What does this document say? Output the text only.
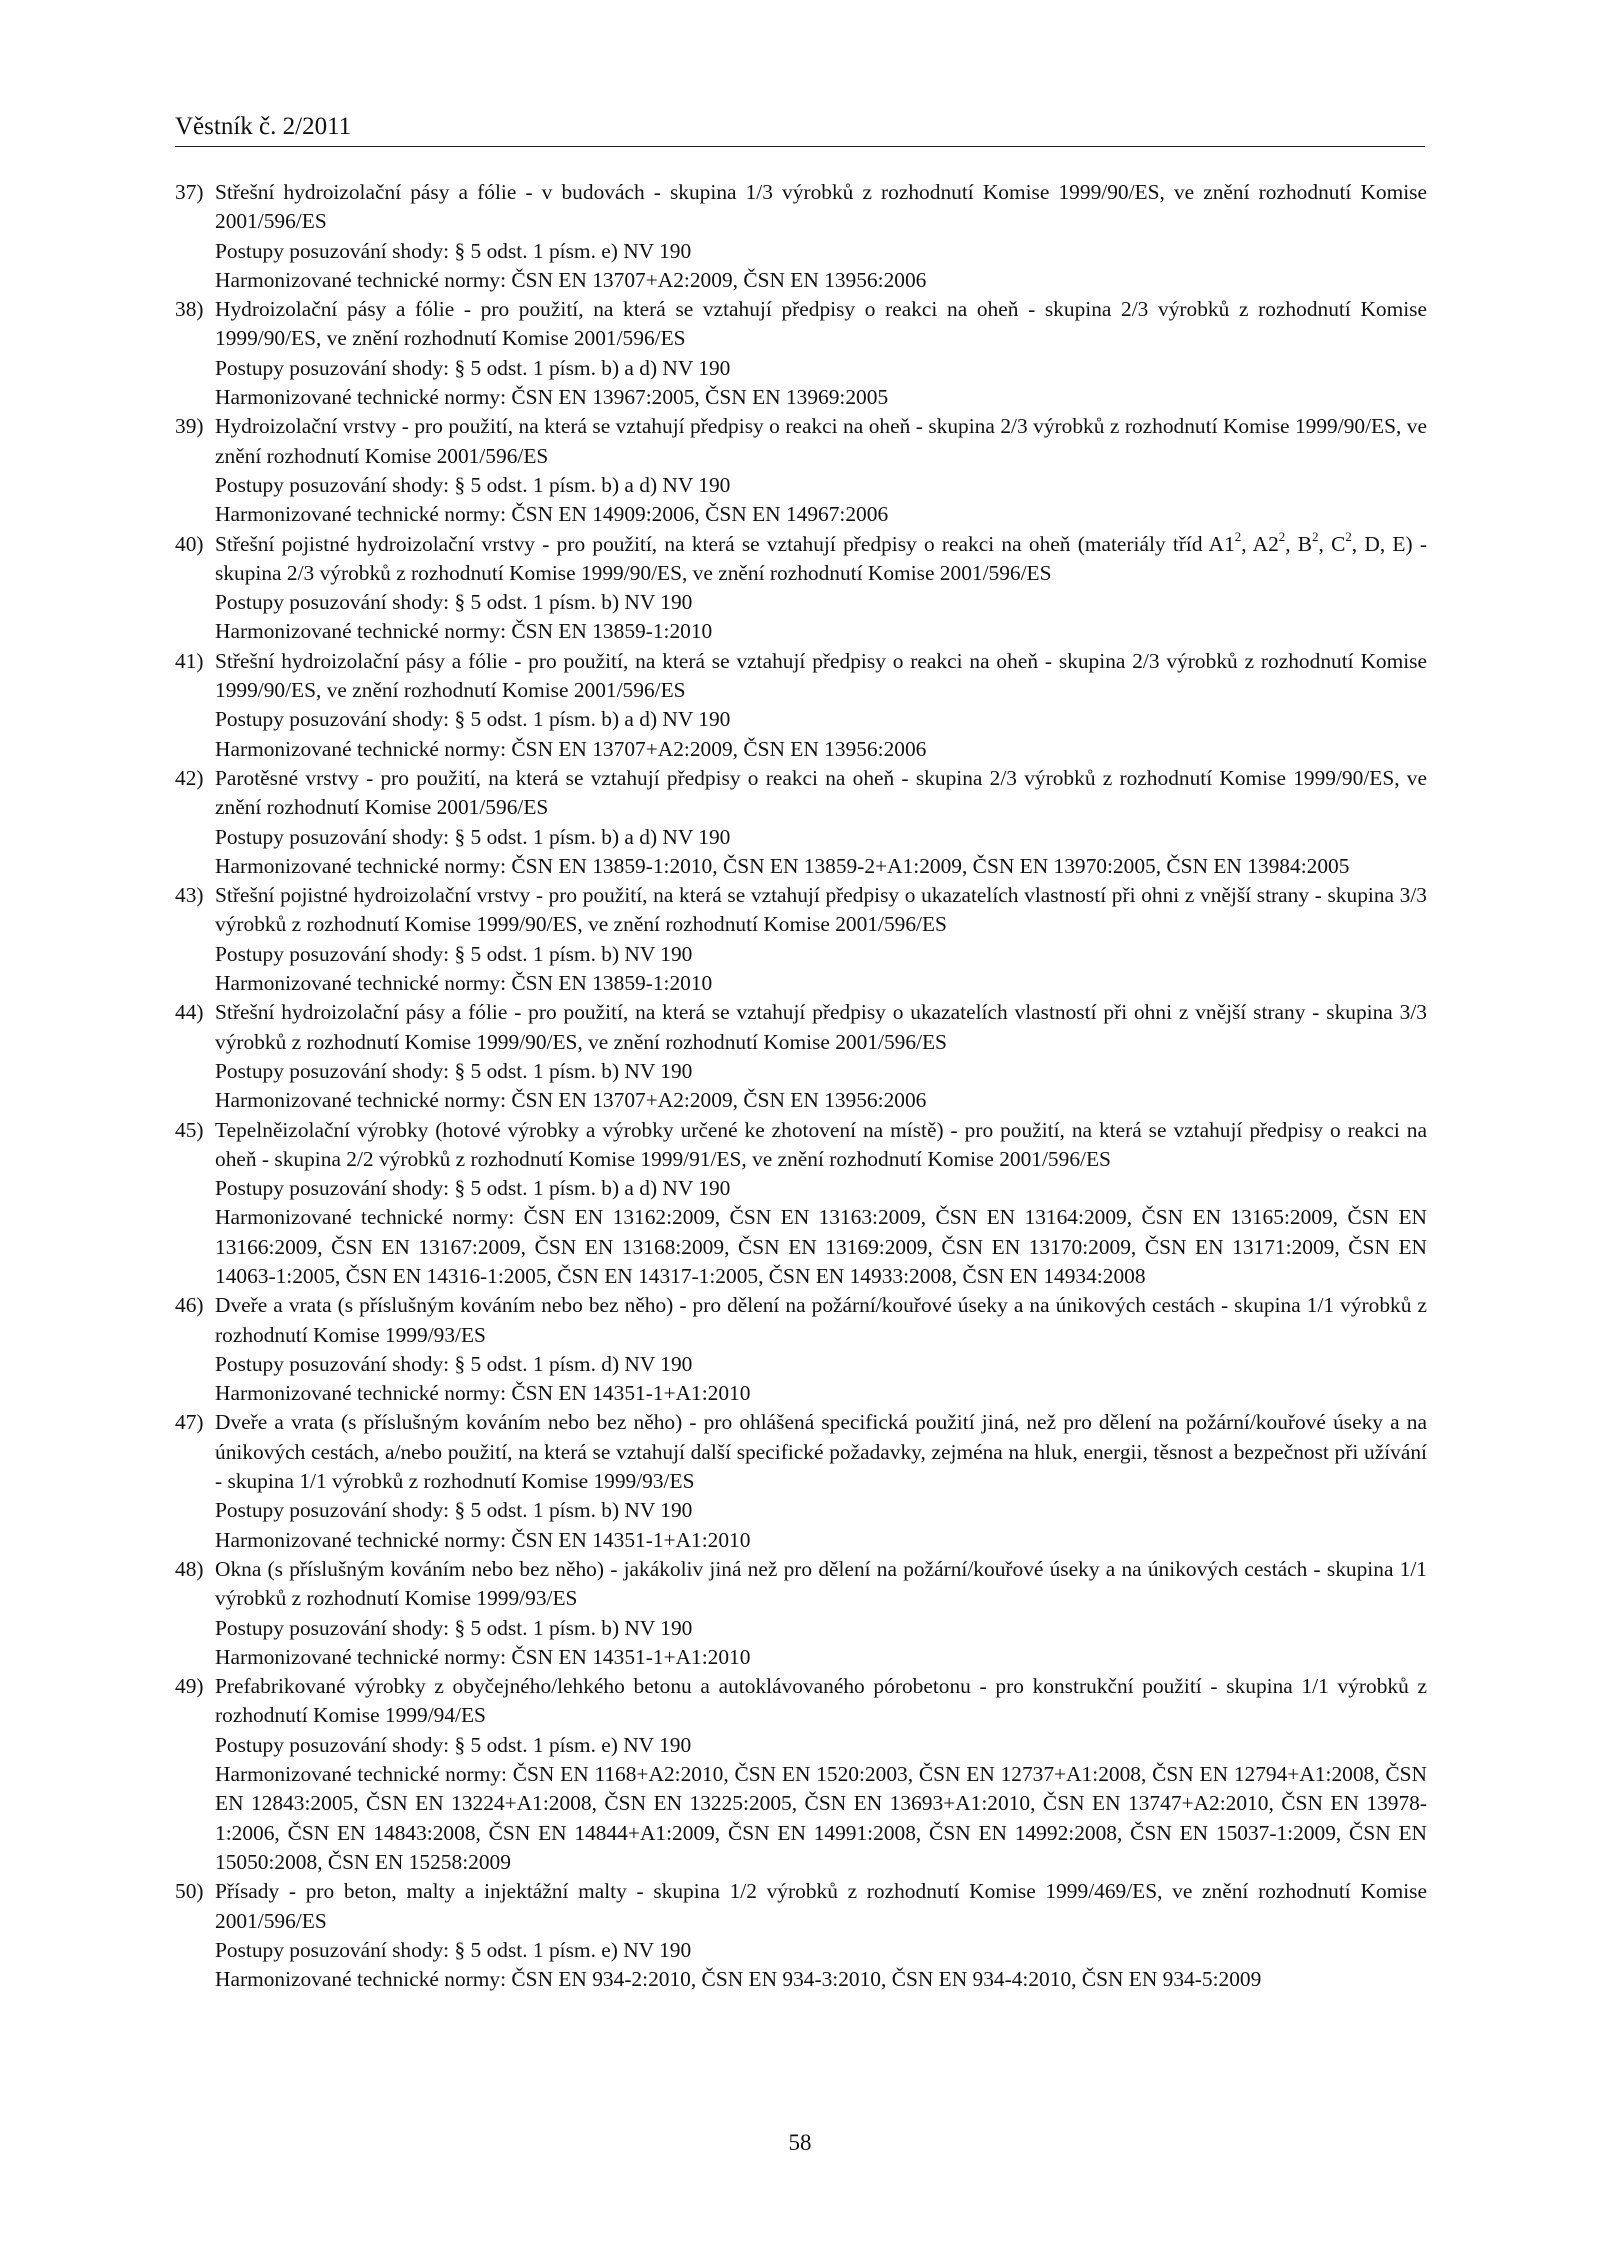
Věstník č. 2/2011
37) Střešní hydroizolační pásy a fólie - v budovách - skupina 1/3 výrobků z rozhodnutí Komise 1999/90/ES, ve znění rozhodnutí Komise 2001/596/ES
Postupy posuzování shody: § 5 odst. 1 písm. e) NV 190
Harmonizované technické normy: ČSN EN 13707+A2:2009, ČSN EN 13956:2006
38) Hydroizolační pásy a fólie - pro použití, na která se vztahují předpisy o reakci na oheň - skupina 2/3 výrobků z rozhodnutí Komise 1999/90/ES, ve znění rozhodnutí Komise 2001/596/ES
Postupy posuzování shody: § 5 odst. 1 písm. b) a d) NV 190
Harmonizované technické normy: ČSN EN 13967:2005, ČSN EN 13969:2005
39) Hydroizolační vrstvy - pro použití, na která se vztahují předpisy o reakci na oheň - skupina 2/3 výrobků z rozhodnutí Komise 1999/90/ES, ve znění rozhodnutí Komise 2001/596/ES
Postupy posuzování shody: § 5 odst. 1 písm. b) a d) NV 190
Harmonizované technické normy: ČSN EN 14909:2006, ČSN EN 14967:2006
40) Střešní pojistné hydroizolační vrstvy - pro použití, na která se vztahují předpisy o reakci na oheň (materiály tříd $A1^2$, $A2^2$, $B^2$, $C^2$, D, E) - skupina 2/3 výrobků z rozhodnutí Komise 1999/90/ES, ve znění rozhodnutí Komise 2001/596/ES
Postupy posuzování shody: § 5 odst. 1 písm. b) NV 190
Harmonizované technické normy: ČSN EN 13859-1:2010
41) Střešní hydroizolační pásy a fólie - pro použití, na která se vztahují předpisy o reakci na oheň - skupina 2/3 výrobků z rozhodnutí Komise 1999/90/ES, ve znění rozhodnutí Komise 2001/596/ES
Postupy posuzování shody: § 5 odst. 1 písm. b) a d) NV 190
Harmonizované technické normy: ČSN EN 13707+A2:2009, ČSN EN 13956:2006
42) Parotěsné vrstvy - pro použití, na která se vztahují předpisy o reakci na oheň - skupina 2/3 výrobků z rozhodnutí Komise 1999/90/ES, ve znění rozhodnutí Komise 2001/596/ES
Postupy posuzování shody: § 5 odst. 1 písm. b) a d) NV 190
Harmonizované technické normy: ČSN EN 13859-1:2010, ČSN EN 13859-2+A1:2009, ČSN EN 13970:2005, ČSN EN 13984:2005
43) Střešní pojistné hydroizolační vrstvy - pro použití, na která se vztahují předpisy o ukazatelích vlastností při ohni z vnější strany - skupina 3/3 výrobků z rozhodnutí Komise 1999/90/ES, ve znění rozhodnutí Komise 2001/596/ES
Postupy posuzování shody: § 5 odst. 1 písm. b) NV 190
Harmonizované technické normy: ČSN EN 13859-1:2010
44) Střešní hydroizolační pásy a fólie - pro použití, na která se vztahují předpisy o ukazatelích vlastností při ohni z vnější strany - skupina 3/3 výrobků z rozhodnutí Komise 1999/90/ES, ve znění rozhodnutí Komise 2001/596/ES
Postupy posuzování shody: § 5 odst. 1 písm. b) NV 190
Harmonizované technické normy: ČSN EN 13707+A2:2009, ČSN EN 13956:2006
45) Tepelněizolační výrobky (hotové výrobky a výrobky určené ke zhotovení na místě) - pro použití, na která se vztahují předpisy o reakci na oheň - skupina 2/2 výrobků z rozhodnutí Komise 1999/91/ES, ve znění rozhodnutí Komise 2001/596/ES
Postupy posuzování shody: § 5 odst. 1 písm. b) a d) NV 190
Harmonizované technické normy: ČSN EN 13162:2009, ČSN EN 13163:2009, ČSN EN 13164:2009, ČSN EN 13165:2009, ČSN EN 13166:2009, ČSN EN 13167:2009, ČSN EN 13168:2009, ČSN EN 13169:2009, ČSN EN 13170:2009, ČSN EN 13171:2009, ČSN EN 14063-1:2005, ČSN EN 14316-1:2005, ČSN EN 14317-1:2005, ČSN EN 14933:2008, ČSN EN 14934:2008
46) Dveře a vrata (s příslušným kováním nebo bez něho) - pro dělení na požární/kouřové úseky a na únikových cestách - skupina 1/1 výrobků z rozhodnutí Komise 1999/93/ES
Postupy posuzování shody: § 5 odst. 1 písm. d) NV 190
Harmonizované technické normy: ČSN EN 14351-1+A1:2010
47) Dveře a vrata (s příslušným kováním nebo bez něho) - pro ohlášená specifická použití jiná, než pro dělení na požární/kouřové úseky a na únikových cestách, a/nebo použití, na která se vztahují další specifické požadavky, zejména na hluk, energii, těsnost a bezpečnost při užívání - skupina 1/1 výrobků z rozhodnutí Komise 1999/93/ES
Postupy posuzování shody: § 5 odst. 1 písm. b) NV 190
Harmonizované technické normy: ČSN EN 14351-1+A1:2010
48) Okna (s příslušným kováním nebo bez něho) - jakákoliv jiná než pro dělení na požární/kouřové úseky a na únikových cestách - skupina 1/1 výrobků z rozhodnutí Komise 1999/93/ES
Postupy posuzování shody: § 5 odst. 1 písm. b) NV 190
Harmonizované technické normy: ČSN EN 14351-1+A1:2010
49) Prefabrikované výrobky z obyčejného/lehkého betonu a autoklávovaného pórobetonu - pro konstrukční použití - skupina 1/1 výrobků z rozhodnutí Komise 1999/94/ES
Postupy posuzování shody: § 5 odst. 1 písm. e) NV 190
Harmonizované technické normy: ČSN EN 1168+A2:2010, ČSN EN 1520:2003, ČSN EN 12737+A1:2008, ČSN EN 12794+A1:2008, ČSN EN 12843:2005, ČSN EN 13224+A1:2008, ČSN EN 13225:2005, ČSN EN 13693+A1:2010, ČSN EN 13747+A2:2010, ČSN EN 13978-1:2006, ČSN EN 14843:2008, ČSN EN 14844+A1:2009, ČSN EN 14991:2008, ČSN EN 14992:2008, ČSN EN 15037-1:2009, ČSN EN 15050:2008, ČSN EN 15258:2009
50) Přísady - pro beton, malty a injektážní malty - skupina 1/2 výrobků z rozhodnutí Komise 1999/469/ES, ve znění rozhodnutí Komise 2001/596/ES
Postupy posuzování shody: § 5 odst. 1 písm. e) NV 190
Harmonizované technické normy: ČSN EN 934-2:2010, ČSN EN 934-3:2010, ČSN EN 934-4:2010, ČSN EN 934-5:2009
58
